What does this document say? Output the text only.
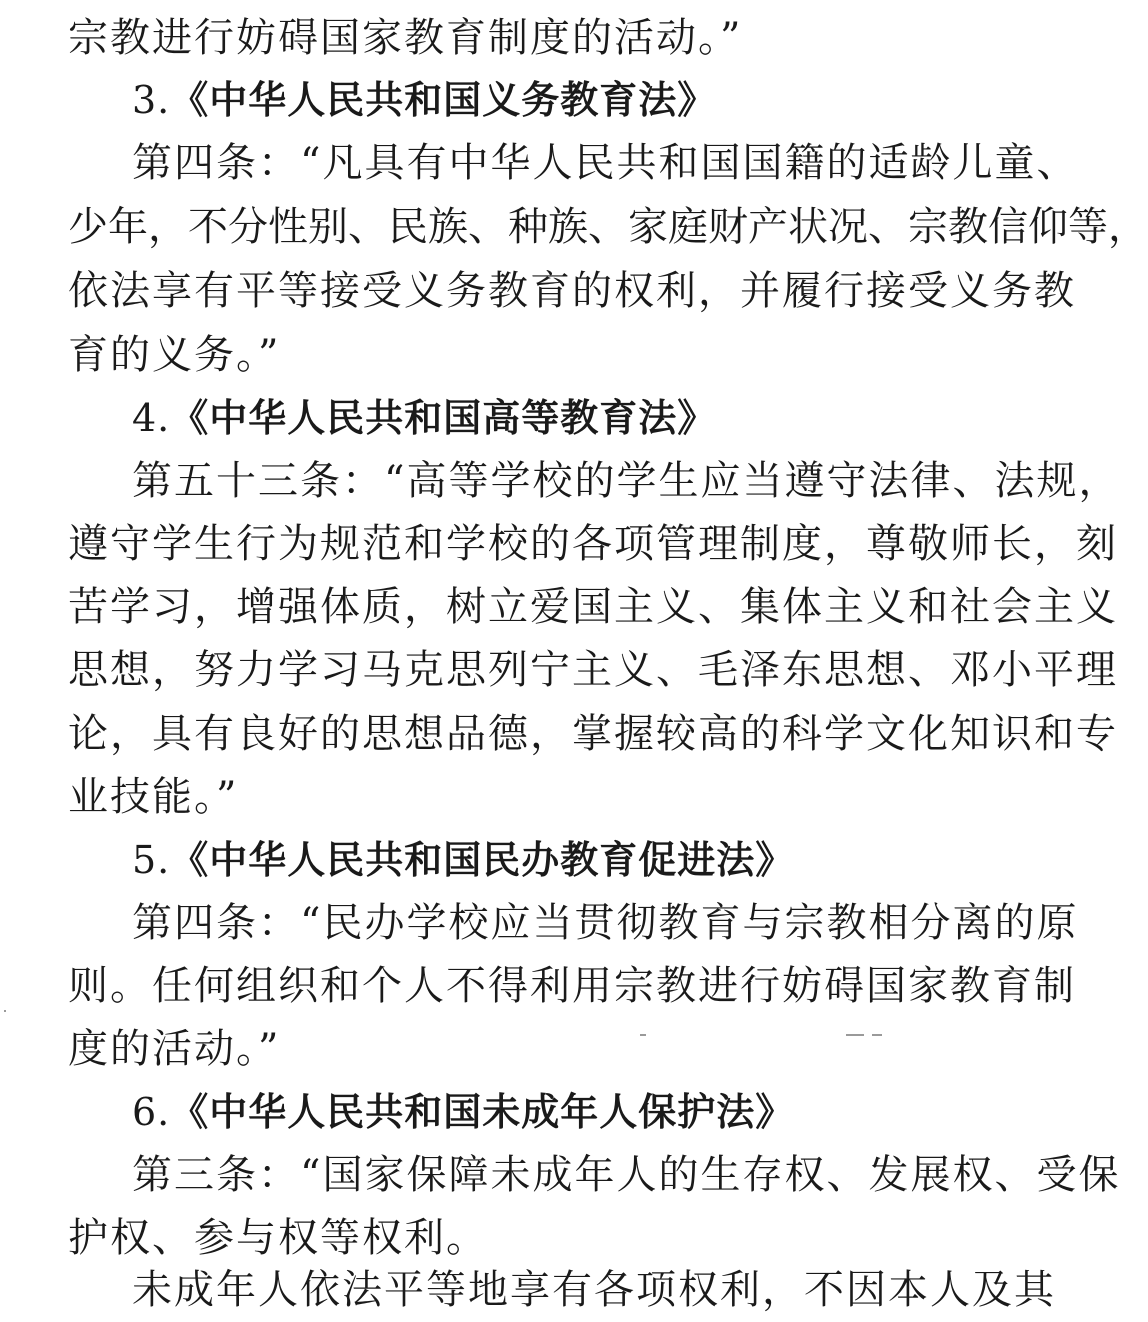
宗教进行妨碍国家教育制度的活动。”
3.《中华人民共和国义务教育法》
第四条：“凡具有中华人民共和国国籍的适龄儿童、
少年，不分性别、民族、种族、家庭财产状况、宗教信仰等，
依法享有平等接受义务教育的权利，并履行接受义务教
育的义务。”
4.《中华人民共和国高等教育法》
第五十三条：“高等学校的学生应当遵守法律、法规，
遵守学生行为规范和学校的各项管理制度，尊敬师长，刻
苦学习，增强体质，树立爱国主义、集体主义和社会主义
思想，努力学习马克思列宁主义、毛泽东思想、邓小平理
论，具有良好的思想品德，掌握较高的科学文化知识和专
业技能。”
5.《中华人民共和国民办教育促进法》
第四条：“民办学校应当贯彻教育与宗教相分离的原
则。任何组织和个人不得利用宗教进行妨碍国家教育制
度的活动。”
6.《中华人民共和国未成年人保护法》
第三条：“国家保障未成年人的生存权、发展权、受保
护权、参与权等权利。
未成年人依法平等地享有各项权利，不因本人及其
